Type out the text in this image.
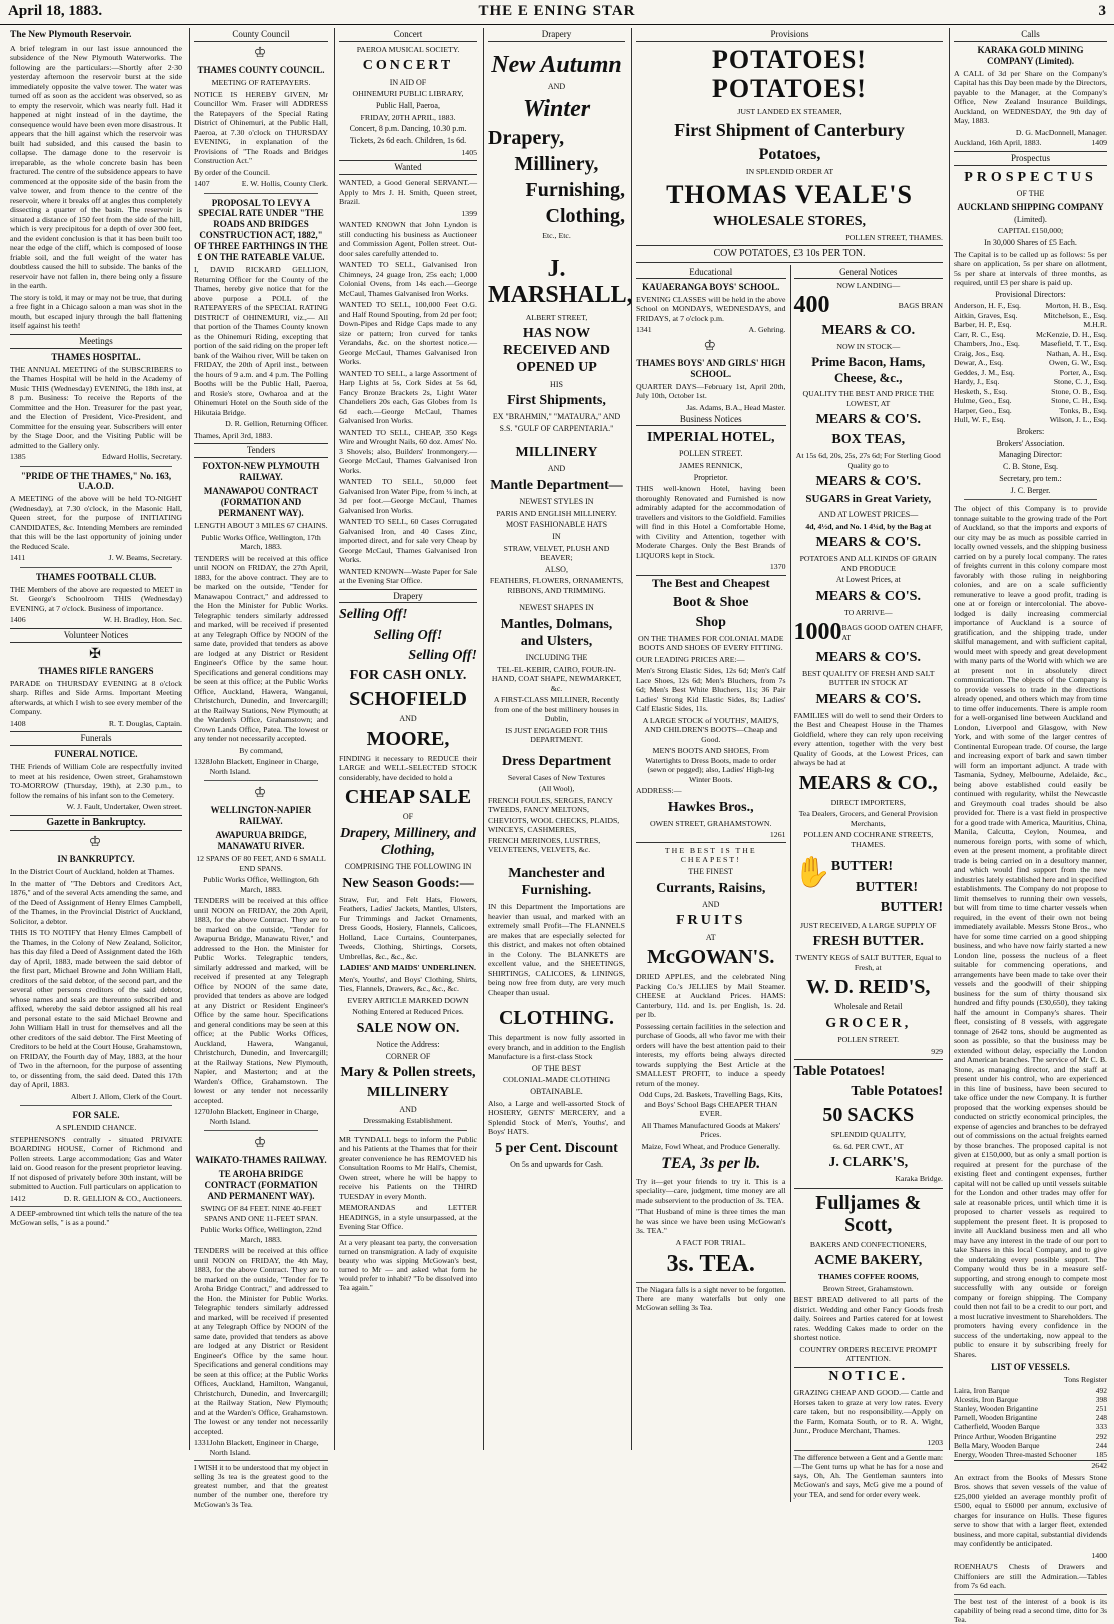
April 18, 1883.	THE E ENING STAR	3
The New Plymouth Reservoir.
A brief telegram in our last issue announced the subsidence of the New Plymouth Waterworks. The following are the particulars:—Shortly after 2·30 yesterday afternoon the reservoir burst at the side immediately opposite the valve tower. The water was turned off as soon as the accident was observed, so as to empty the reservoir, which was nearly full. Had it happened at night instead of in the daytime, the consequence would have been even more disastrous. It appears that the hill against which the reservoir was built had subsided, and this caused the basin to collapse. The damage done to the reservoir is irreparable, as the whole concrete basin has been fractured. The centre of the subsidence appears to have commenced at the opposite side of the basin from the valve tower, and from thence to the centre of the reservoir, where it breaks off at angles thus completely dissecting a quarter of the basin. The reservoir is situated a distance of 150 feet from the side of the hill, which is very precipitous for a depth of over 300 feet, and the evident conclusion is that it has been built too near the edge of the cliff, which is composed of loose friable soil, and the full weight of the water has doubtless caused the hill to subside. The banks of the reservoir have not fallen in, there being only a fissure in the earth.
The story is told, it may or may not be true, that during a free fight in a Chicago saloon a man was shot in the mouth, but escaped injury through the ball flattening itself against his teeth!
Meetings
THAMES HOSPITAL.
THE ANNUAL MEETING of the SUBSCRIBERS to the Thames Hospital will be held in the Academy of Music THIS (Wednesday) EVENING, the 18th inst, at 8 p.m. Business: To receive the Reports of the Committee and the Hon. Treasurer for the past year, and the Election of President, Vice-President, and Committee for the ensuing year. Subscribers will enter by the Stage Door, and the Visiting Public will be admitted to the Gallery only.
1385	Edward Hollis, Secretary.
"PRIDE OF THE THAMES," No. 163, U.A.O.D.
A MEETING of the above will be held TO-NIGHT (Wednesday), at 7.30 o'clock, in the Masonic Hall, Queen street, for the purpose of INITIATING CANDIDATES, &c. Intending Members are reminded that this will be the last opportunity of joining under the Reduced Scale.
1411	J. W. Beams, Secretary.
THAMES FOOTBALL CLUB.
THE Members of the above are requested to MEET in St. George's Schoolroom THIS (Wednesday) EVENING, at 7 o'clock. Business of importance.
1406	W. H. Bradley, Hon. Sec.
Volunteer Notices
✠
THAMES RIFLE RANGERS
PARADE on THURSDAY EVENING at 8 o'clock sharp. Rifles and Side Arms. Important Meeting afterwards, at which I wish to see every member of the Company.
1408	R. T. Douglas, Captain.
Funerals
FUNERAL NOTICE.
THE Friends of William Cole are respectfully invited to meet at his residence, Owen street, Grahamstown TO-MORROW (Thursday, 19th), at 2.30 p.m., to follow the remains of his infant son to the Cemetery.
W. J. Fault, Undertaker, Owen street.
Gazette in Bankruptcy.
♔
IN BANKRUPTCY.
In the District Court of Auckland, holden at Thames.
In the matter of "The Debtors and Creditors Act, 1876," and of the several Acts amending the same, and of the Deed of Assignment of Henry Elmes Campbell, of the Thames, in the Provincial District of Auckland, Solicitor, a debtor.
THIS IS TO NOTIFY that Henry Elmes Campbell of the Thames, in the Colony of New Zealand, Solicitor, has this day filed a Deed of Assignment dated the 16th day of April, 1883, made between the said debtor of the first part, Michael Browne and John William Hall, creditors of the said debtor, of the second part, and the several other persons creditors of the said debtor, whose names and seals are thereunto subscribed and affixed, whereby the said debtor assigned all his real and personal estate to the said Michael Browne and John William Hall in trust for themselves and all the other creditors of the said debtor. The First Meeting of Creditors to be held at the Court House, Grahamstown, on FRIDAY, the Fourth day of May, 1883, at the hour of Two in the afternoon, for the purpose of assenting to, or dissenting from, the said deed. Dated this 17th day of April, 1883.
Albert J. Allom, Clerk of the Court.
FOR SALE.
A SPLENDID CHANCE.
STEPHENSON'S centrally - situated PRIVATE BOARDING HOUSE, Corner of Richmond and Pollen streets. Large accommodation; Gas and Water laid on. Good reason for the present proprietor leaving. If not disposed of privately before 30th instant, will be submitted to Auction. Full particulars on application to
1412	D. R. GELLION & CO., Auctioneers.
A DEEP-embrowned tint which tells the nature of the tea McGowan sells, " is as a pound."
County Council
♔
THAMES COUNTY COUNCIL.
MEETING OF RATEPAYERS.
NOTICE IS HEREBY GIVEN, Mr Councillor Wm. Fraser will ADDRESS the Ratepayers of the Special Rating District of Ohinemuri, at the Public Hall, Paeroa, at 7.30 o'clock on THURSDAY EVENING, in explanation of the Provisions of "The Roads and Bridges Construction Act."
By order of the Council.
1407	E. W. Hollis, County Clerk.
PROPOSAL TO LEVY A SPECIAL RATE UNDER "THE ROADS AND BRIDGES CONSTRUCTION ACT, 1882," OF THREE FARTHINGS IN THE £ ON THE RATEABLE VALUE.
I, DAVID RICKARD GELLION, Returning Officer for the County of the Thames, hereby give notice that for the above purpose a POLL of the RATEPAYERS of the SPECIAL RATING DISTRICT of OHINEMURI, viz.,— All that portion of the Thames County known as the Ohinemuri Riding, excepting that portion of the said riding on the proper left bank of the Waihou river, Will be taken on FRIDAY, the 20th of April inst., between the hours of 9 a.m. and 4 p.m. The Polling Booths will be the Public Hall, Paeroa, and Rosie's store, Owharoa and at the Ohinemuri Hotel on the South side of the Hikutaia Bridge.
D. R. Gellion, Returning Officer.
Thames, April 3rd, 1883.
Tenders
FOXTON-NEW PLYMOUTH RAILWAY.
MANAWAPOU CONTRACT (FORMATION AND PERMANENT WAY).
LENGTH ABOUT 3 MILES 67 CHAINS.
Public Works Office, Wellington, 17th March, 1883.
TENDERS will be received at this office until NOON on FRIDAY, the 27th April, 1883, for the above contract. They are to be marked on the outside, "Tender for Manawapou Contract," and addressed to the Hon the Minister for Public Works. Telegraphic tenders similarly addressed and marked, will be received if presented at any Telegraph Office by NOON of the same date, provided that tenders as above are lodged at any District or Resident Engineer's Office by the same hour. Specifications and general conditions may be seen at this office; at the Public Works Office, Auckland, Hawera, Wanganui, Christchurch, Dunedin, and Invercargill; at the Railway Stations, New Plymouth; at the Warden's Office, Grahamstown; and Crown Lands Office, Patea. The lowest or any tender not necessarily accepted.
By command,
1328 John Blackett, Engineer in Charge, North Island.
♔
WELLINGTON-NAPIER RAILWAY.
AWAPURUA BRIDGE, MANAWATU RIVER.
12 SPANS OF 80 FEET, AND 6 SMALL END SPANS.
Public Works Office, Wellington, 6th March, 1883.
TENDERS will be received at this office until NOON on FRIDAY, the 20th April, 1883, for the above Contract. They are to be marked on the outside, "Tender for Awapurua Bridge, Manawatu River," and addressed to the Hon. the Minister for Public Works. Telegraphic tenders, similarly addressed and marked, will be received if presented at any Telegraph Office by NOON of the same date, provided that tenders as above are lodged at any District or Resident Engineer's Office by the same hour. Specifications and general conditions may be seen at this office; at the Public Works Offices, Auckland, Hawera, Wanganui, Christchurch, Dunedin, and Invercargill; at the Railway Stations, New Plymouth, Napier, and Masterton; and at the Warden's Office, Grahamstown. The lowest or any tender not necessarily accepted.
1270 John Blackett, Engineer in Charge, North Island.
♔
WAIKATO-THAMES RAILWAY.
TE AROHA BRIDGE CONTRACT (FORMATION AND PERMANENT WAY).
SWING OF 84 FEET. NINE 40-FEET SPANS AND ONE 11-FEET SPAN.
Public Works Office, Wellington, 22nd March, 1883.
TENDERS will be received at this office until NOON on FRIDAY, the 4th May, 1883, for the above Contract. They are to be marked on the outside, "Tender for Te Aroha Bridge Contract," and addressed to the Hon. the Minister for Public Works. Telegraphic tenders similarly addressed and marked, will be received if presented at any Telegraph Office by NOON of the same date, provided that tenders as above are lodged at any District or Resident Engineer's Office by the same hour. Specifications and general conditions may be seen at this office; at the Public Works Offices, Auckland, Hamilton, Wanganui, Christchurch, Dunedin, and Invercargill; at the Railway Station, New Plymouth; and at the Warden's Office, Grahamstown. The lowest or any tender not necessarily accepted.
1331 John Blackett, Engineer in Charge, North Island.
I WISH it to be understood that my object in selling 3s tea is the greatest good to the greatest number, and that the greatest number of the number one, therefore try McGowan's 3s Tea.
Concert
PAEROA MUSICAL SOCIETY.
CONCERT
IN AID OF
OHINEMURI PUBLIC LIBRARY,
Public Hall, Paeroa,
FRIDAY, 20TH APRIL, 1883.
Concert, 8 p.m. Dancing, 10.30 p.m.
Tickets, 2s 6d each. Children, 1s 6d.
1405
Wanted
WANTED, a Good General SERVANT.—Apply to Mrs J. H. Smith, Queen street, Brazil.
1399
WANTED KNOWN that John Lyndon is still conducting his business as Auctioneer and Commission Agent, Pollen street. Out-door sales carefully attended to.
WANTED TO SELL, Galvanised Iron Chimneys, 24 guage Iron, 25s each; 1,000 Colonial Ovens, from 14s each.—George McCaul, Thames Galvanised Iron Works.
WANTED TO SELL, 100,000 Feet O.G. and Half Round Spouting, from 2d per foot; Down-Pipes and Ridge Caps made to any size or pattern; Iron curved for tanks Verandahs, &c. on the shortest notice.—George McCaul, Thames Galvanised Iron Works.
WANTED TO SELL, a large Assortment of Harp Lights at 5s, Cork Sides at 5s 6d, Fancy Bronze Brackets 2s, Light Water Chandeliers 20s each, Gas Globes from 1s 6d each.—George McCaul, Thames Galvanised Iron Works.
WANTED TO SELL, CHEAP, 350 Kegs Wire and Wrought Nails, 60 doz. Ames' No. 3 Shovels; also, Builders' Ironmongery.—George McCaul, Thames Galvanised Iron Works.
WANTED TO SELL, 50,000 feet Galvanised Iron Water Pipe, from ¼ inch, at 3d per foot.—George McCaul, Thames Galvanised Iron Works.
WANTED TO SELL, 60 Cases Corrugated Galvanised Iron, and 40 Cases Zinc, imported direct, and for sale very Cheap by George McCaul, Thames Galvanised Iron Works.
WANTED KNOWN—Waste Paper for Sale at the Evening Star Office.
Drapery
Selling Off!
Selling Off!
Selling Off!
FOR CASH ONLY.
SCHOFIELD
AND
MOORE,
FINDING it necessary to REDUCE their LARGE and WELL-SELECTED STOCK considerably, have decided to hold a
CHEAP SALE
OF
Drapery, Millinery, and Clothing,
COMPRISING THE FOLLOWING IN
New Season Goods:—
Straw, Fur, and Felt Hats, Flowers, Feathers, Ladies' Jackets, Mantles, Ulsters, Fur Trimmings and Jacket Ornaments, Dress Goods, Hosiery, Flannels, Calicoes, Holland, Lace Curtains, Counterpanes, Tweeds, Clothing, Shirtings, Corsets, Umbrellas, &c., &c., &c.
LADIES' AND MAIDS' UNDERLINEN.
Men's, Youths', and Boys' Clothing, Shirts, Ties, Flannels, Drawers, &c., &c., &c.
EVERY ARTICLE MARKED DOWN
Nothing Entered at Reduced Prices.
SALE NOW ON.
Notice the Address:
CORNER OF
Mary & Pollen streets,
MILLINERY
AND
Dressmaking Establishment.
MR TYNDALL begs to inform the Public and his Patients at the Thames that for their greater convenience he has REMOVED his Consultation Rooms to Mr Hall's, Chemist, Owen street, where he will be happy to receive his Patients on the THIRD TUESDAY in every Month.
MEMORANDAS and LETTER HEADINGS, in a style unsurpassed, at the Evening Star Office.
At a very pleasant tea party, the conversation turned on transmigration. A lady of exquisite beauty who was sipping McGowan's best, turned to Mr — and asked what form he would prefer to inhabit? "To be dissolved into Tea again."
Drapery
New Autumn
AND
Winter
Drapery,
Millinery,
Furnishing,
Clothing,
Etc., Etc.
J. MARSHALL,
ALBERT STREET,
HAS NOW RECEIVED AND OPENED UP
HIS
First Shipments,
EX "BRAHMIN," "MATAURA," AND
S.S. "GULF OF CARPENTARIA."
MILLINERY
AND
Mantle Department—
NEWEST STYLES IN
PARIS AND ENGLISH MILLINERY.
MOST FASHIONABLE HATS
IN
STRAW, VELVET, PLUSH AND BEAVER;
ALSO,
FEATHERS, FLOWERS, ORNAMENTS, RIBBONS, AND TRIMMING.
NEWEST SHAPES IN
Mantles, Dolmans, and Ulsters,
INCLUDING THE
TEL-EL-KEBIR, CAIRO, FOUR-IN-HAND, COAT SHAPE, NEWMARKET, &c.
A FIRST-CLASS MILLINER, Recently from one of the best millinery houses in Dublin,
IS JUST ENGAGED FOR THIS DEPARTMENT.
Dress Department
Several Cases of New Textures
(All Wool),
FRENCH FOULES, SERGES, FANCY TWEEDS, FANCY MELTONS,
CHEVIOTS, WOOL CHECKS, PLAIDS, WINCEYS, CASHMERES,
FRENCH MERINOES, LUSTRES, VELVETEENS, VELVETS, &c.
Manchester and Furnishing.
IN this Department the Importations are heavier than usual, and marked with an extremely small Profit—The FLANNELS are makes that are especially selected for this district, and makes not often obtained in the Colony. The BLANKETS are excellent value, and the SHEETINGS, SHIRTINGS, CALICOES, & LININGS, being now free from duty, are very much Cheaper than usual.
CLOTHING.
This department is now fully assorted in every branch, and in addition to the English Manufacture is a first-class Stock
OF THE BEST
COLONIAL-MADE CLOTHING
OBTAINABLE.
Also, a Large and well-assorted Stock of HOSIERY, GENTS' MERCERY, and a Splendid Stock of Men's, Youths', and Boys' HATS.
5 per Cent. Discount
On 5s and upwards for Cash.
Provisions
POTATOES! POTATOES!
JUST LANDED EX STEAMER,
First Shipment of Canterbury
Potatoes,
IN SPLENDID ORDER AT
THOMAS VEALE'S
WHOLESALE STORES,
POLLEN STREET, THAMES.
COW POTATOES, £3 10s PER TON.
Educational
KAUAERANGA BOYS' SCHOOL.
EVENING CLASSES will be held in the above School on MONDAYS, WEDNESDAYS, and FRIDAYS, at 7 o'clock p.m.
1341	A. Gehring.
♔
THAMES BOYS' AND GIRLS' HIGH SCHOOL.
QUARTER DAYS—February 1st, April 20th, July 10th, October 1st.
Jas. Adams, B.A., Head Master.
Business Notices
IMPERIAL HOTEL,
POLLEN STREET.
JAMES RENNICK,
Proprietor.
THIS well-known Hotel, having been thoroughly Renovated and Furnished is now admirably adapted for the accommodation of travellers and visitors to the Goldfield. Families will find in this Hotel a Comfortable Home, with Civility and Attention, together with Moderate Charges. Only the Best Brands of LIQUORS kept in Stock.
1370
The Best and Cheapest
Boot & Shoe
Shop
ON THE THAMES FOR COLONIAL MADE BOOTS AND SHOES OF EVERY FITTING.
OUR LEADING PRICES ARE:—
Men's Strong Elastic Sides, 12s 6d; Men's Calf Lace Shoes, 12s 6d; Men's Bluchers, from 7s 6d; Men's Best White Bluchers, 11s; 36 Pair Ladies' Strong Kid Elastic Sides, 8s; Ladies' Calf Elastic Sides, 11s.
A LARGE STOCK of YOUTHS', MAID'S, AND CHILDREN'S BOOTS—Cheap and Good.
MEN'S BOOTS AND SHOES, From Watertights to Dress Boots, made to order (sewn or pegged); also, Ladies' High-leg Winter Boots.
ADDRESS:—
Hawkes Bros.,
OWEN STREET, GRAHAMSTOWN.
1261
THE BEST IS THE CHEAPEST!
THE FINEST
Currants, Raisins,
AND
FRUITS
AT
McGOWAN'S.
DRIED APPLES, and the celebrated Ning Packing Co.'s JELLIES by Mail Steamer. CHEESE at Auckland Prices. HAMS: Canterbury, 11d. and 1s. per English, 1s. 2d. per lb.
Possessing certain facilities in the selection and purchase of Goods, all who favor me with their orders will have the best attention paid to their interests, my efforts being always directed towards supplying the Best Article at the SMALLEST PROFIT, to induce a speedy return of the money.
Odd Cups, 2d. Baskets, Travelling Bags, Kits, and Boys' School Bags CHEAPER THAN EVER.
All Thames Manufactured Goods at Makers' Prices.
Maize, Fowl Wheat, and Produce Generally.
TEA, 3s per lb.
Try it—get your friends to try it. This is a speciality—care, judgment, time money are all made subservient to the production of 3s. TEA.
"That Husband of mine is three times the man he was since we have been using McGowan's 3s. TEA."
A FACT FOR TRIAL.
3s. TEA.
The Niagara falls is a sight never to be forgotten. There are many waterfalls but only one McGowan selling 3s Tea.
General Notices
NOW LANDING—
400	BAGS BRAN
MEARS & CO.
NOW IN STOCK—
Prime Bacon, Hams, Cheese, &c.,
QUALITY THE BEST AND PRICE THE LOWEST, AT
MEARS & CO'S.
BOX TEAS,
At 15s 6d, 20s, 25s, 27s 6d; For Sterling Good Quality go to
MEARS & CO'S.
SUGARS in Great Variety,
AND AT LOWEST PRICES—
4d, 4½d, and No. 1 4¼d, by the Bag at
MEARS & CO'S.
POTATOES AND ALL KINDS OF GRAIN AND PRODUCE
At Lowest Prices, at
MEARS & CO'S.
TO ARRIVE—
1000 BAGS GOOD OATEN CHAFF, AT
MEARS & CO'S.
BEST QUALITY OF FRESH AND SALT BUTTER IN STOCK AT
MEARS & CO'S.
FAMILIES will do well to send their Orders to the Best and Cheapest House in the Thames Goldfield, where they can rely upon receiving every attention, together with the very best Quality of Goods, at the Lowest Prices, can always be had at
MEARS & CO.,
DIRECT IMPORTERS,
Tea Dealers, Grocers, and General Provision Merchants,
POLLEN AND COCHRANE STREETS, THAMES.
✋ BUTTER!
BUTTER!
BUTTER!
JUST RECEIVED, A LARGE SUPPLY OF
FRESH BUTTER.
TWENTY KEGS of SALT BUTTER, Equal to Fresh, at
W. D. REID'S,
Wholesale and Retail
GROCER,
POLLEN STREET.
929
Table Potatoes!
Table Potatoes!
50 SACKS
SPLENDID QUALITY,
6s. 6d. PER CWT., AT
J. CLARK'S,
Karaka Bridge.
Fulljames & Scott,
BAKERS AND CONFECTIONERS,
ACME BAKERY,
THAMES COFFEE ROOMS,
Brown Street, Grahamstown.
BEST BREAD delivered to all parts of the district. Wedding and other Fancy Goods fresh daily. Soirees and Parties catered for at lowest rates. Wedding Cakes made to order on the shortest notice.
COUNTRY ORDERS RECEIVE PROMPT ATTENTION.
NOTICE.
GRAZING CHEAP AND GOOD.— Cattle and Horses taken to graze at very low rates. Every care taken, but no responsibility.—Apply on the Farm, Komata South, or to R. A. Wight, Junr., Produce Merchant, Thames.
1203
The difference between a Gent and a Gentle man:—The Gent turns up what he has for a nose and says, Oh, Ah. The Gentleman saunters into McGowan's and says, McG give me a pound of your TEA, and send for order every week.
Calls
KARAKA GOLD MINING COMPANY (Limited).
A CALL of 3d per Share on the Company's Capital has this Day been made by the Directors, payable to the Manager, at the Company's Office, New Zealand Insurance Buildings, Auckland, on WEDNESDAY, the 9th day of May, 1883.
D. G. MacDonnell, Manager.
Auckland, 16th April, 1883.	1409
Prospectus
PROSPECTUS
OF THE
AUCKLAND SHIPPING COMPANY
(Limited).
CAPITAL £150,000;
In 30,000 Shares of £5 Each.
The Capital is to be called up as follows: 5s per share on application, 5s per share on allotment, 5s per share at intervals of three months, as required, until £3 per share is paid up.
Provisional Directors:
Anderson, H. F., Esq.	Morton, H. B., Esq.
Aitkin, Graves, Esq.	Mitchelson, E., Esq.
Barber, H. P., Esq.	M.H.R.
Carr, R. C., Esq.	McKenzie, D. H., Esq.
Chambers, Jno., Esq.	Masefield, T. T., Esq.
Craig, Jos., Esq.	Nathan, A. H., Esq.
Dewar, A., Esq.	Owen, G. W., Esq.
Geddes, J. M., Esq.	Porter, A., Esq.
Hardy, J., Esq.	Stone, C. J., Esq.
Hesketh, S., Esq.	Stone, O. B., Esq.
Hulme, Geo., Esq.	Stone, C. H., Esq.
Harper, Geo., Esq.	Tonks, B., Esq.
Hull, W. F., Esq.	Wilson, J. L., Esq.
Brokers:
Brokers' Association.
Managing Director:
C. B. Stone, Esq.
Secretary, pro tem.:
J. C. Berger.
The object of this Company is to provide tonnage suitable to the growing trade of the Port of Auckland, so that the imports and exports of our city may be as much as possible carried in locally owned vessels, and the shipping business carried on by a purely local company. The rates of freights current in this colony compare most favorably with those ruling in neighboring colonies, and are on a scale sufficiently remunerative to leave a good profit, trading is one at or foreign or intercolonial. The above-lodged is daily increasing commercial importance of Auckland is a source of gratification, and the shipping trade, under skilful management, and with sufficient capital, would meet with speedy and great development with many parts of the World with which we are at present not in absolutely direct communication. The objects of the Company is to provide vessels to trade in the directions already opened, and others which may from time to time offer inducements. There is ample room for a well-organised line between Auckland and London, Liverpool and Glasgow, with New York, and with some of the larger centres of Continental European trade. Of course, the large and increasing export of bark and sawn timber will form an important adjunct. A trade with Tasmania, Sydney, Melbourne, Adelaide, &c., being above established could easily be continued with regularity, whilst the Newcastle and Greymouth coal trades should be also provided for. There is a vast field in prospective for a good trade with America, Mauritius, China, Manila, Calcutta, Ceylon, Noumea, and numerous foreign ports, with some of which, even at the present moment, a profitable direct trade is being carried on in a desultory manner, and which would find support from the new industries lately established here and in specified establishments. The Company do not propose to limit themselves to running their own vessels, but will from time to time charter vessels when required, in the event of their own not being immediately available. Messrs Stone Bros., who have for some time carried on a good shipping business, and who have now fairly started a new London line, possess the nucleus of a fleet suitable for commencing operations, and arrangements have been made to take over their vessels and the goodwill of their shipping business for the sum of thirty thousand six hundred and fifty pounds (£30,650), they taking half the amount in Company's shares. Their fleet, consisting of 8 vessels, with aggregate tonnage of 2642 tons, should be augmented as soon as possible, so that the business may be extended without delay, especially the London and American branches. The service of Mr C. B. Stone, as managing director, and the staff at present under his control, who are experienced in this line of business, have been secured to take office under the new Company. It is further proposed that the working expenses should be conducted on strictly economical principles, the expense of agencies and branches to be defrayed out of commissions on the actual freights earned by those branches. The proposed capital is not given at £150,000, but as only a small portion is required at present for the purchase of the existing fleet and contingent expenses, further capital will not be called up until vessels suitable for the London and other trades may offer for sale at reasonable prices, until which time it is proposed to charter vessels as required to supplement the present fleet. It is proposed to invite all Auckland business men and all who may have any interest in the trade of our port to take Shares in this local Company, and to give the undertaking every possible support. The Company would thus be in a measure self-supporting, and strong enough to compete most successfully with any outside or foreign company or foreign shipping. The Company could then not fail to be a credit to our port, and a most lucrative investment to Shareholders. The promoters having every confidence in the success of the undertaking, now appeal to the public to ensure it by subscribing freely for Shares.
LIST OF VESSELS.
Tons Register
Laira, Iron Barque	492
Alcestis, Iron Barque	398
Stanley, Wooden Brigantine	251
Parnell, Wooden Brigantine	248
Catherfield, Wooden Barque	333
Prince Arthur, Wooden Brigantine	292
Bella Mary, Wooden Barque	244
Energy, Wooden Three-masted Schooner	185
2642
An extract from the Books of Messrs Stone Bros. shows that seven vessels of the value of £25,000 yielded an average monthly profit of £500, equal to £6000 per annum, exclusive of charges for insurance on Hulls. These figures serve to show that with a larger fleet, extended business, and more capital, substantial dividends may confidently be anticipated.
1400
ROENHAU'S Chests of Drawers and Chiffoniers are still the Admiration.—Tables from 7s 6d each.
The best test of the interest of a book is its capability of being read a second time, ditto for 3s Tea.
